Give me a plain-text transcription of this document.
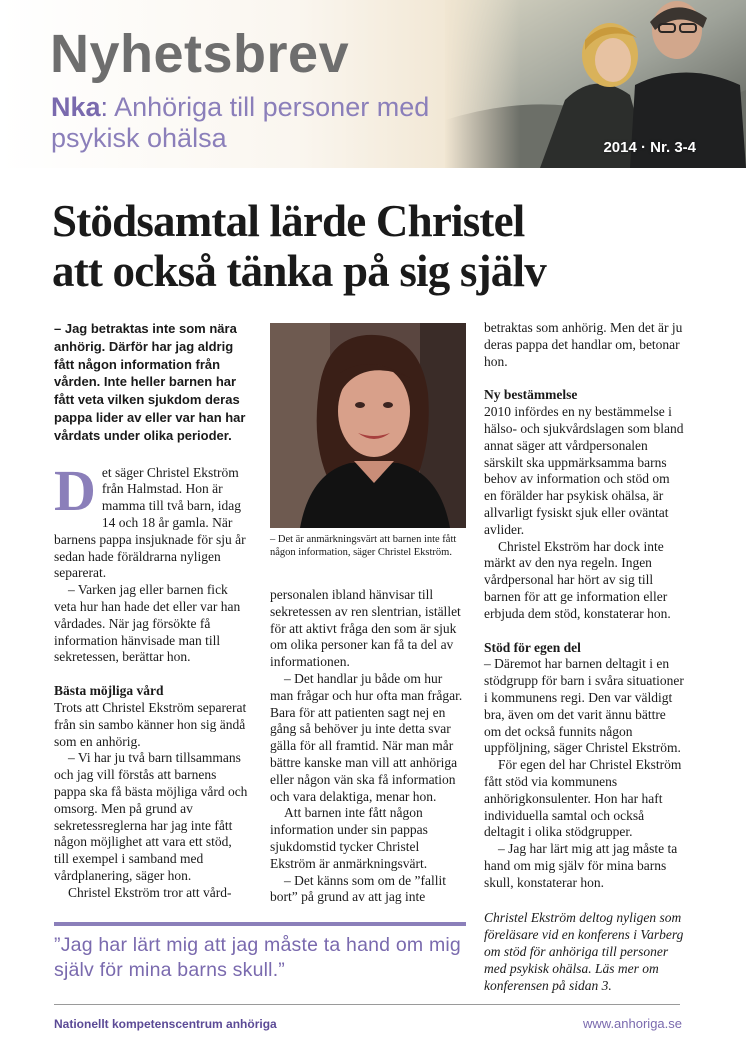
Nyhetsbrev
Nka: Anhöriga till personer med psykisk ohälsa	2014 · Nr. 3-4
Stödsamtal lärde Christel
att också tänka på sig själv

– Jag betraktas inte som nära anhörig. Därför har jag aldrig fått någon information från vården. Inte heller barnen har fått veta vilken sjukdom deras pappa lider av eller var han har vårdats under olika perioder.

D et säger Christel Ekström från Halmstad. Hon är mamma till två barn, idag 14 och 18 år gamla. När barnens pappa insjuknade för sju år sedan hade föräldrarna nyligen separerat.

– Varken jag eller barnen fick veta hur han hade det eller var han vårdades. När jag försökte få information hänvisade man till sekretessen, berättar hon.

Bästa möjliga vård

Trots att Christel Ekström separerat från sin sambo känner hon sig ändå som en anhörig.

– Vi har ju två barn tillsammans och jag vill förstås att barnens pappa ska få bästa möjliga vård och omsorg. Men på grund av sekretessreglerna har jag inte fått någon möjlighet att vara ett stöd, till exempel i samband med vårdplanering, säger hon.

Christel Ekström tror att vård-

– Det är anmärkningsvärt att barnen inte fått någon information, säger Christel Ekström.

personalen ibland hänvisar till sekretessen av ren slentrian, istället för att aktivt fråga den som är sjuk om olika personer kan få ta del av informationen.

– Det handlar ju både om hur man frågar och hur ofta man frågar. Bara för att patienten sagt nej en gång så behöver ju inte detta svar gälla för all framtid. När man mår bättre kanske man vill att anhöriga eller någon vän ska få information och vara delaktiga, menar hon.

Att barnen inte fått någon information under sin pappas sjukdomstid tycker Christel Ekström är anmärkningsvärt.

– Det känns som om de ”fallit bort” på grund av att jag inte

betraktas som anhörig. Men det är ju deras pappa det handlar om, betonar hon.

Ny bestämmelse

2010 infördes en ny bestämmelse i hälso- och sjukvårdslagen som bland annat säger att vårdpersonalen särskilt ska uppmärksamma barns behov av information och stöd om en förälder har psykisk ohälsa, är allvarligt fysiskt sjuk eller oväntat avlider.

Christel Ekström har dock inte märkt av den nya regeln. Ingen vårdpersonal har hört av sig till barnen för att ge information eller erbjuda dem stöd, konstaterar hon.

Stöd för egen del

– Däremot har barnen deltagit i en stödgrupp för barn i svåra situationer i kommunens regi. Den var väldigt bra, även om det varit ännu bättre om det också funnits någon uppföljning, säger Christel Ekström.

För egen del har Christel Ekström fått stöd via kommunens anhörigkonsulenter. Hon har haft individuella samtal och också deltagit i olika stödgrupper.

– Jag har lärt mig att jag måste ta hand om mig själv för mina barns skull, konstaterar hon.

Christel Ekström deltog nyligen som föreläsare vid en konferens i Varberg om stöd för anhöriga till personer med psykisk ohälsa. Läs mer om konferensen på sidan 3.

”Jag har lärt mig att jag måste ta hand om mig själv för mina barns skull.”
Nationellt kompetenscentrum anhöriga	www.anhoriga.se
